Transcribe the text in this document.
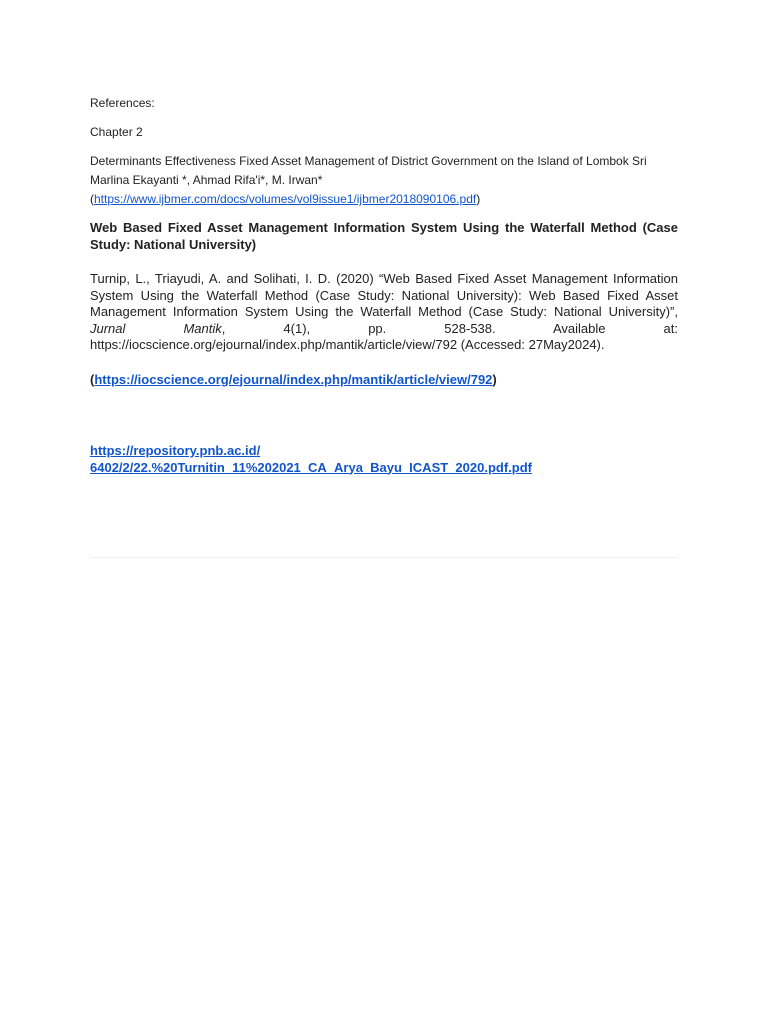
References:

Chapter 2

Determinants Effectiveness Fixed Asset Management of District Government on the Island of Lombok Sri

Marlina Ekayanti *, Ahmad Rifa'i*, M. Irwan*

(https://www.ijbmer.com/docs/volumes/vol9issue1/ijbmer2018090106.pdf)

Web Based Fixed Asset Management Information System Using the Waterfall Method (Case Study: National University)

Turnip, L., Triayudi, A. and Solihati, I. D. (2020) “Web Based Fixed Asset Management Information System Using the Waterfall Method (Case Study: National University): Web Based Fixed Asset Management Information System Using the Waterfall Method (Case Study: National University)”, Jurnal Mantik, 4(1), pp. 528-538. Available at: https://iocscience.org/ejournal/index.php/mantik/article/view/792 (Accessed: 27May2024).

(https://iocscience.org/ejournal/index.php/mantik/article/view/792)

https://repository.pnb.ac.id/
6402/2/22.%20Turnitin_11%202021_CA_Arya_Bayu_ICAST_2020.pdf.pdf
